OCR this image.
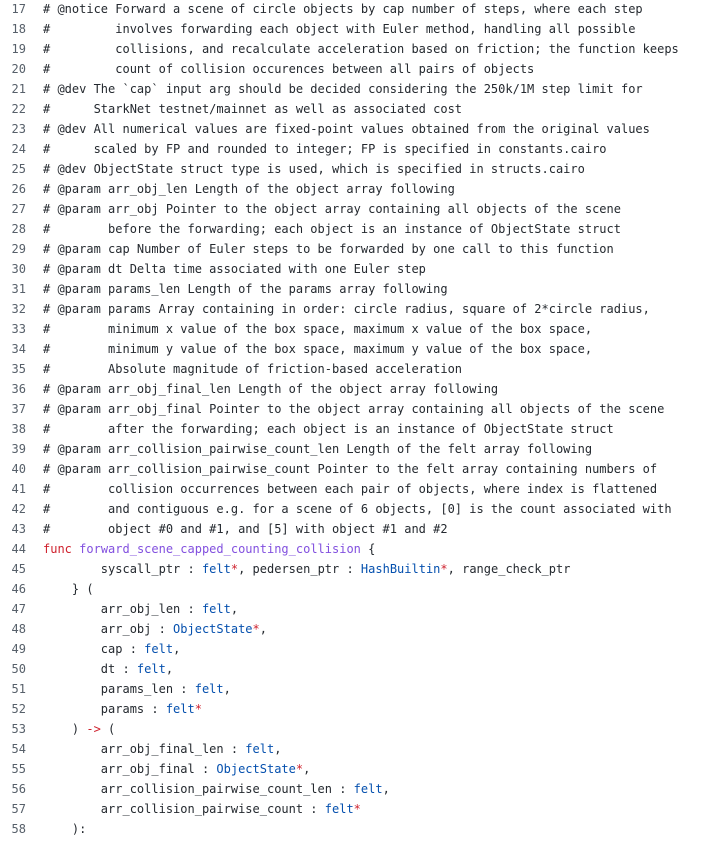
17 # @notice Forward a scene of circle objects by cap number of steps, where each step
18 #         involves forwarding each object with Euler method, handling all possible
19 #         collisions, and recalculate acceleration based on friction; the function keeps
20 #         count of collision occurences between all pairs of objects
21 # @dev The `cap` input arg should be decided considering the 250k/1M step limit for
22 #      StarkNet testnet/mainnet as well as associated cost
23 # @dev All numerical values are fixed-point values obtained from the original values
24 #      scaled by FP and rounded to integer; FP is specified in constants.cairo
25 # @dev ObjectState struct type is used, which is specified in structs.cairo
26 # @param arr_obj_len Length of the object array following
27 # @param arr_obj Pointer to the object array containing all objects of the scene
28 #        before the forwarding; each object is an instance of ObjectState struct
29 # @param cap Number of Euler steps to be forwarded by one call to this function
30 # @param dt Delta time associated with one Euler step
31 # @param params_len Length of the params array following
32 # @param params Array containing in order: circle radius, square of 2*circle radius,
33 #        minimum x value of the box space, maximum x value of the box space,
34 #        minimum y value of the box space, maximum y value of the box space,
35 #        Absolute magnitude of friction-based acceleration
36 # @param arr_obj_final_len Length of the object array following
37 # @param arr_obj_final Pointer to the object array containing all objects of the scene
38 #        after the forwarding; each object is an instance of ObjectState struct
39 # @param arr_collision_pairwise_count_len Length of the felt array following
40 # @param arr_collision_pairwise_count Pointer to the felt array containing numbers of
41 #        collision occurrences between each pair of objects, where index is flattened
42 #        and contiguous e.g. for a scene of 6 objects, [0] is the count associated with
43 #        object #0 and #1, and [5] with object #1 and #2
44 func forward_scene_capped_counting_collision {
45 syscall_ptr : felt*, pedersen_ptr : HashBuiltin*, range_check_ptr
46 } (
47 arr_obj_len : felt,
48 arr_obj : ObjectState*,
49 cap : felt,
50 dt : felt,
51 params_len : felt,
52 params : felt*
53 ) -> (
54 arr_obj_final_len : felt,
55 arr_obj_final : ObjectState*,
56 arr_collision_pairwise_count_len : felt,
57 arr_collision_pairwise_count : felt*
58 ):
